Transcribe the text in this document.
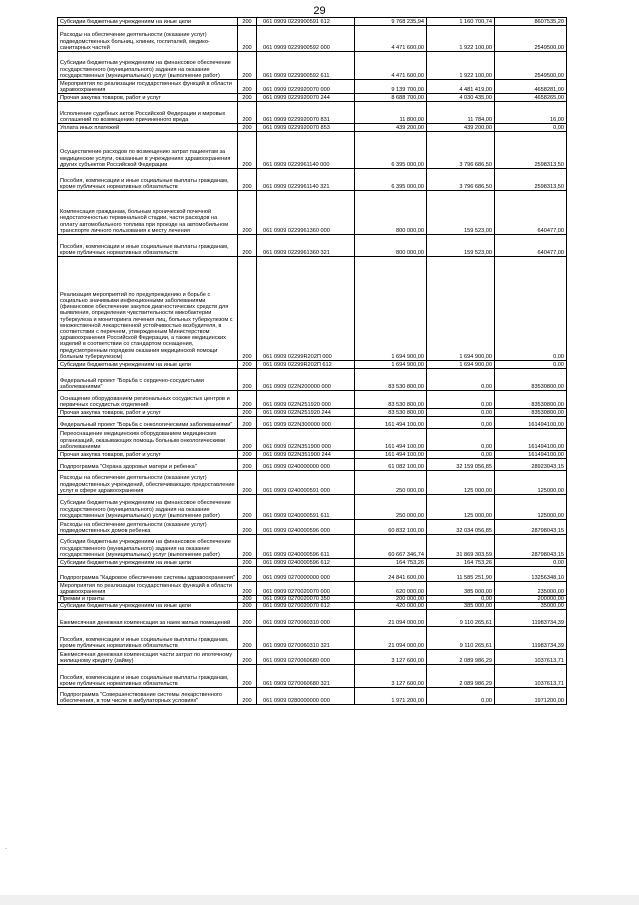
29
Субсидии бюджетным учреждениям на иные цели	200	061 0909 0229900591 612	9 768 235,94	1 160 700,74	8607535,20
Расходы на обеспечение деятельности (оказание услуг) подведомственных больниц, клиник, госпиталей, медико-санитарных частей	200	061 0909 0229900592 000	4 471 600,00	1 922 100,00	2549500,00
Субсидии бюджетным учреждениям на финансовое обеспечение государственного (муниципального) задания на оказание государственных (муниципальных) услуг (выполнение работ)	200	061 0909 0229900592 611	4 471 600,00	1 922 100,00	2549500,00
Мероприятия по реализации государственных функций в области здравоохранения	200	061 0909 0229920070 000	9 139 700,00	4 481 419,00	4658281,00
Прочая закупка товаров, работ и услуг	200	061 0909 0229920070 244	8 688 700,00	4 030 435,00	4658265,00
Исполнение судебных актов Российской Федерации и мировых соглашений по возмещению причиненного вреда	200	061 0909 0229920070 831	11 800,00	11 784,00	16,00
Уплата иных платежей	200	061 0909 0229920070 853	439 200,00	439 200,00	0,00
Осуществление расходов по возмещению затрат пациентам за медицинские услуги, оказанные в учреждениях здравоохранения других субъектов Российской Федерации	200	061 0909 0229961140 000	6 395 000,00	3 796 686,50	2598313,50
Пособия, компенсации и иные социальные выплаты гражданам, кроме публичных нормативных обязательств	200	061 0909 0229961140 321	6 395 000,00	3 796 686,50	2598313,50
Компенсация гражданам, больным хронической почечной недостаточностью терминальной стадии, части расходов на оплату автомобильного топлива при проезде на автомобильном транспорте личного пользования к месту лечения	200	061 0909 0229961360 000	800 000,00	159 523,00	640477,00
Пособия, компенсации и иные социальные выплаты гражданам, кроме публичных нормативных обязательств	200	061 0909 0229961360 321	800 000,00	159 523,00	640477,00
Реализация мероприятий по предупреждению и борьбе с социально значимыми инфекционными заболеваниями (финансовое обеспечение закупок диагностических средств для выявления, определения чувствительности микобактерии туберкулеза и мониторинга лечения лиц, больных туберкулезом с множественной лекарственной устойчивостью возбудителя, в соответствии с перечнем, утвержденным Министерством здравоохранения Российской Федерации, а также медицинских изделий в соответствии со стандартом оснащения, предусмотренным порядком оказания медицинской помощи больным туберкулезом)	200	061 0909 02299R202П 000	1 694 900,00	1 694 900,00	0,00
Субсидии бюджетным учреждениям на иные цели	200	061 0909 02299R202П 612	1 694 900,00	1 694 900,00	0,00
Федеральный проект "Борьба с сердечно-сосудистыми заболеваниями"	200	061 0909 022N200000 000	83 530 800,00	0,00	83530800,00
Оснащение оборудованием региональных сосудистых центров и первичных сосудистых отделений	200	061 0909 022N251920 000	83 530 800,00	0,00	83530800,00
Прочая закупка товаров, работ и услуг	200	061 0909 022N251920 244	83 530 800,00	0,00	83530800,00
Федеральный проект "Борьба с онкологическими заболеваниями"	200	061 0909 022N300000 000	161 494 100,00	0,00	161494100,00
Переоснащение медицинским оборудованием медицинских организаций, оказывающих помощь больным онкологическими заболеваниями	200	061 0909 022N351900 000	161 494 100,00	0,00	161494100,00
Прочая закупка товаров, работ и услуг	200	061 0909 022N351900 244	161 494 100,00	0,00	161494100,00
Подпрограмма "Охрана здоровья матери и ребенка"	200	061 0909 0240000000 000	61 082 100,00	32 159 056,85	28923043,15
Расходы на обеспечение деятельности (оказание услуг) подведомственных учреждений, обеспечивающих предоставление услуг в сфере здравоохранения	200	061 0909 0240000591 000	250 000,00	125 000,00	125000,00
Субсидии бюджетным учреждениям на финансовое обеспечение государственного (муниципального) задания на оказание государственных (муниципальных) услуг (выполнение работ)	200	061 0909 0240000591 611	250 000,00	125 000,00	125000,00
Расходы на обеспечение деятельности (оказание услуг) подведомственных домов ребенка	200	061 0909 0240000596 000	60 832 100,00	32 034 056,85	28798043,15
Субсидии бюджетным учреждениям на финансовое обеспечение государственного (муниципального) задания на оказание государственных (муниципальных) услуг (выполнение работ)	200	061 0909 0240000596 611	60 667 346,74	31 869 303,59	28798043,15
Субсидии бюджетным учреждениям на иные цели	200	061 0909 0240000596 612	164 753,26	164 753,26	0,00
Подпрограмма "Кадровое обеспечение системы здравоохранения"	200	061 0909 0270000000 000	24 841 600,00	11 585 251,90	13256348,10
Мероприятия по реализации государственных функций в области здравоохранения	200	061 0909 0270020070 000	620 000,00	385 000,00	235000,00
Премии и гранты	200	061 0909 0270020070 350	200 000,00	0,00	200000,00
Субсидии бюджетным учреждениям на иные цели	200	061 0909 0270020070 612	420 000,00	385 000,00	35000,00
Ежемесячная денежная компенсация за наем жилых помещений	200	061 0909 0270060310 000	21 094 000,00	9 110 265,61	11983734,39
Пособия, компенсации и иные социальные выплаты гражданам, кроме публичных нормативных обязательств	200	061 0909 0270060310 321	21 094 000,00	9 110 265,61	11983734,39
Ежемесячная денежная компенсация части затрат по ипотечному жилищному кредиту (займу)	200	061 0909 0270060680 000	3 127 600,00	2 089 986,29	1037613,71
Пособия, компенсации и иные социальные выплаты гражданам, кроме публичных нормативных обязательств	200	061 0909 0270060680 321	3 127 600,00	2 089 986,29	1037613,71
Подпрограмма "Совершенствование системы лекарственного обеспечения, в том числе в амбулаторных условиях"	200	061 0909 0280000000 000	1 971 200,00	0,00	1971200,00
·
